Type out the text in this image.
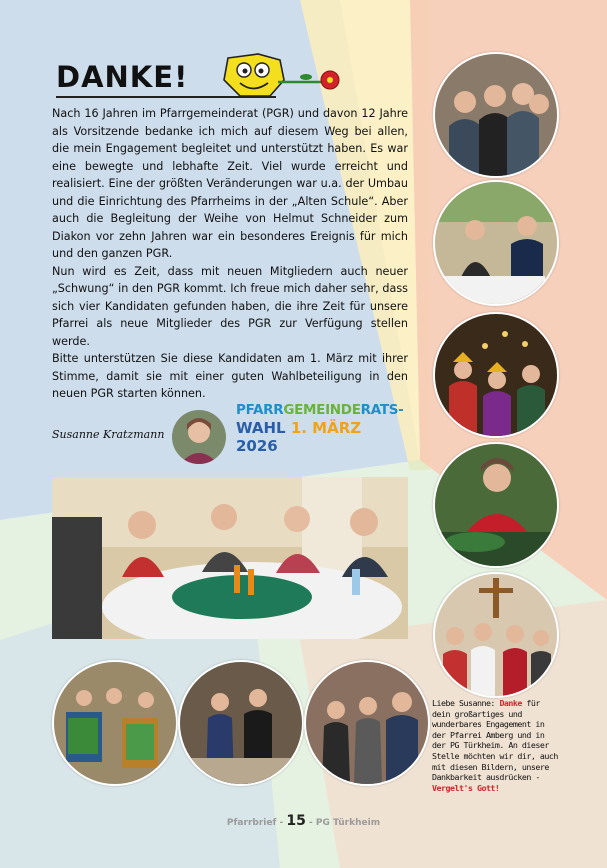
DANKE!

Nach 16 Jahren im Pfarrgemeinderat (PGR) und davon 12 Jahre als Vorsitzende bedanke ich mich auf diesem Weg bei allen, die mein Engagement begleitet und unterstützt haben. Es war eine bewegte und lebhafte Zeit. Viel wurde erreicht und realisiert. Eine der größten Veränderungen war u.a. der Umbau und die Einrichtung des Pfarrheims in der „Alten Schule“. Aber auch die Begleitung der Weihe von Helmut Schneider zum Diakon vor zehn Jahren war ein besonderes Ereignis für mich und den ganzen PGR.

Nun wird es Zeit, dass mit neuen Mitgliedern auch neuer „Schwung“ in den PGR kommt. Ich freue mich daher sehr, dass sich vier Kandidaten gefunden haben, die ihre Zeit für unsere Pfarrei als neue Mitglieder des PGR zur Verfügung stellen werde.

Bitte unterstützen Sie diese Kandidaten am 1. März mit ihrer Stimme, damit sie mit einer guten Wahlbeteiligung in den neuen PGR starten können.

Susanne Kratzmann
PFARRGEMEINDERATS-
WAHL 1. MÄRZ 2026

Liebe Susanne: Danke für dein großartiges und wunderbares Engagement in der Pfarrei Amberg und in der PG Türkheim. An dieser Stelle möchten wir dir, auch mit diesen Bildern, unsere Dankbarkeit ausdrücken - Vergelt's Gott!

Pfarrbrief - 15 - PG Türkheim
